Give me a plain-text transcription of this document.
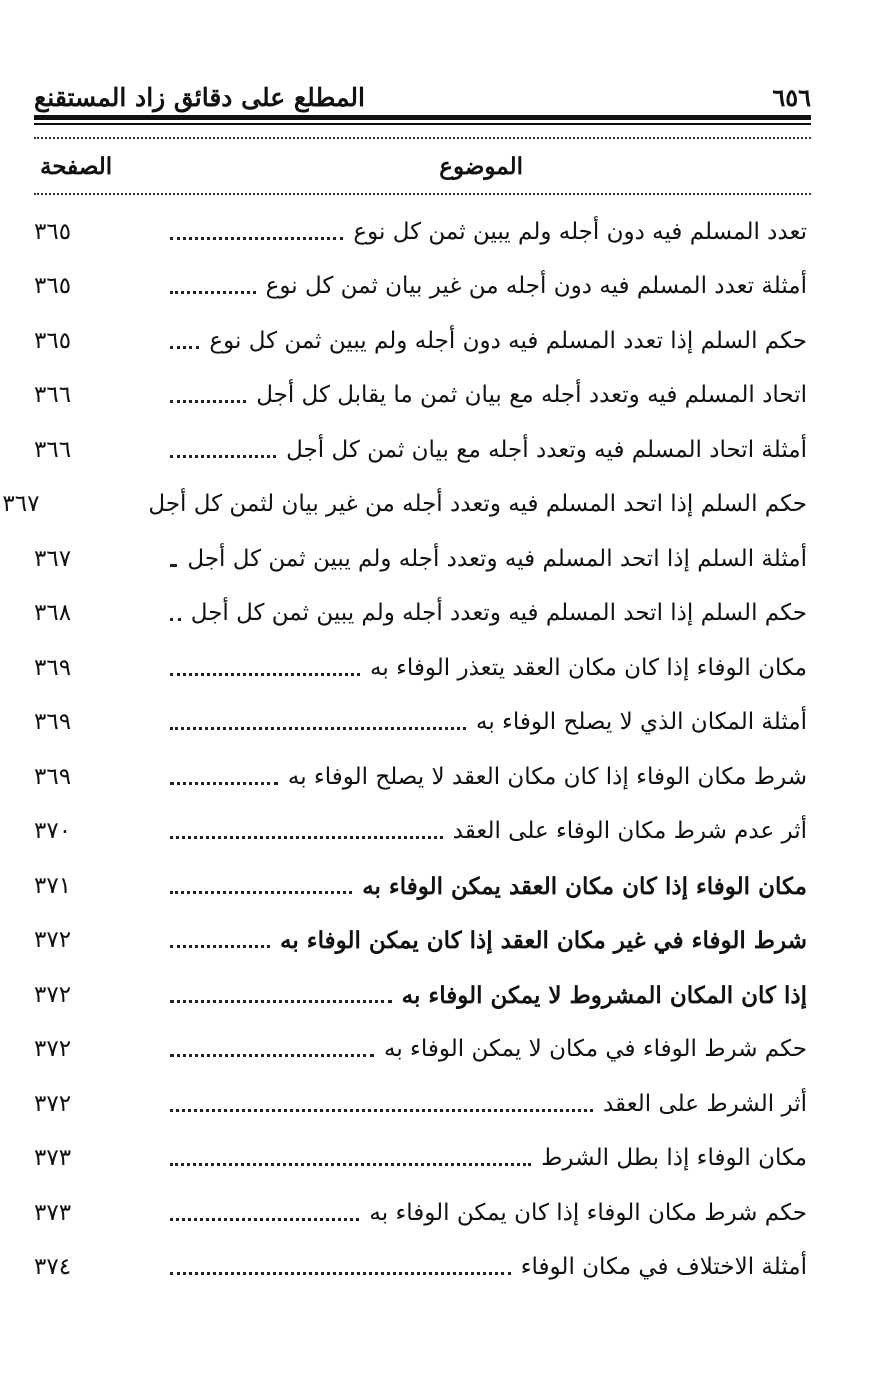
٦٥٦
المطلع على دقائق زاد المستقنع
الموضوع
الصفحة
تعدد المسلم فيه دون أجله ولم يبين ثمن كل نوع
٣٦٥
أمثلة تعدد المسلم فيه دون أجله من غير بيان ثمن كل نوع
٣٦٥
حكم السلم إذا تعدد المسلم فيه دون أجله ولم يبين ثمن كل نوع
٣٦٥
اتحاد المسلم فيه وتعدد أجله مع بيان ثمن ما يقابل كل أجل
٣٦٦
أمثلة اتحاد المسلم فيه وتعدد أجله مع بيان ثمن كل أجل
٣٦٦
حكم السلم إذا اتحد المسلم فيه وتعدد أجله من غير بيان لثمن كل أجل
٣٦٧
أمثلة السلم إذا اتحد المسلم فيه وتعدد أجله ولم يبين ثمن كل أجل
٣٦٧
حكم السلم إذا اتحد المسلم فيه وتعدد أجله ولم يبين ثمن كل أجل
٣٦٨
مكان الوفاء إذا كان مكان العقد يتعذر الوفاء به
٣٦٩
أمثلة المكان الذي لا يصلح الوفاء به
٣٦٩
شرط مكان الوفاء إذا كان مكان العقد لا يصلح الوفاء به
٣٦٩
أثر عدم شرط مكان الوفاء على العقد
٣٧٠
مكان الوفاء إذا كان مكان العقد يمكن الوفاء به
٣٧١
شرط الوفاء في غير مكان العقد إذا كان يمكن الوفاء به
٣٧٢
إذا كان المكان المشروط لا يمكن الوفاء به
٣٧٢
حكم شرط الوفاء في مكان لا يمكن الوفاء به
٣٧٢
أثر الشرط على العقد
٣٧٢
مكان الوفاء إذا بطل الشرط
٣٧٣
حكم شرط مكان الوفاء إذا كان يمكن الوفاء به
٣٧٣
أمثلة الاختلاف في مكان الوفاء
٣٧٤
